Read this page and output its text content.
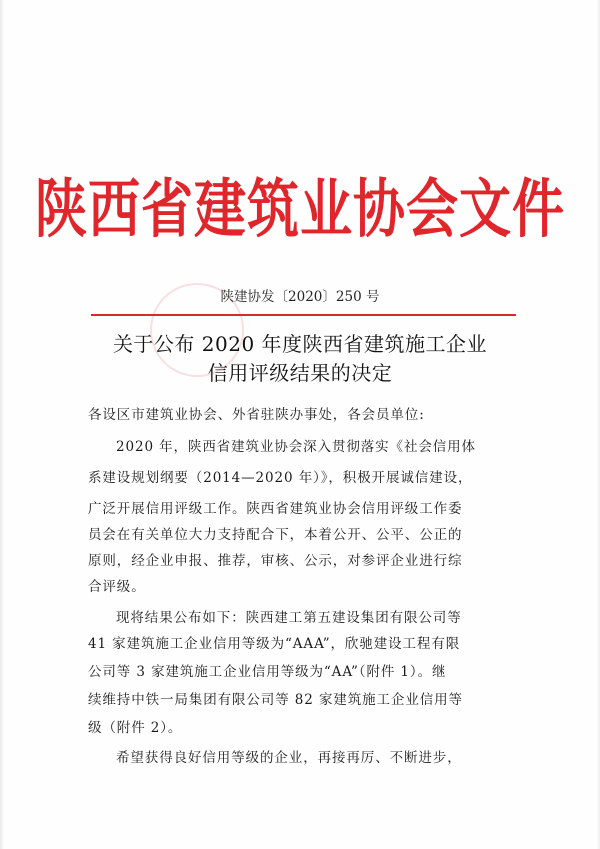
陕西省建筑业协会文件
陕建协发〔2020〕250 号
关于公布 2020 年度陕西省建筑施工企业
信用评级结果的决定
各设区市建筑业协会、外省驻陕办事处，各会员单位:
2020 年，陕西省建筑业协会深入贯彻落实《社会信用体
系建设规划纲要（2014—2020 年）》，积极开展诚信建设，
广泛开展信用评级工作。陕西省建筑业协会信用评级工作委
员会在有关单位大力支持配合下，本着公开、公平、公正的
原则，经企业申报、推荐，审核、公示，对参评企业进行综
合评级。
现将结果公布如下：陕西建工第五建设集团有限公司等
41 家建筑施工企业信用等级为“AAA”，欣驰建设工程有限
公司等 3 家建筑施工企业信用等级为“AA”（附件 1）。继
续维持中铁一局集团有限公司等 82 家建筑施工企业信用等
级（附件 2）。
希望获得良好信用等级的企业，再接再厉、不断进步，
